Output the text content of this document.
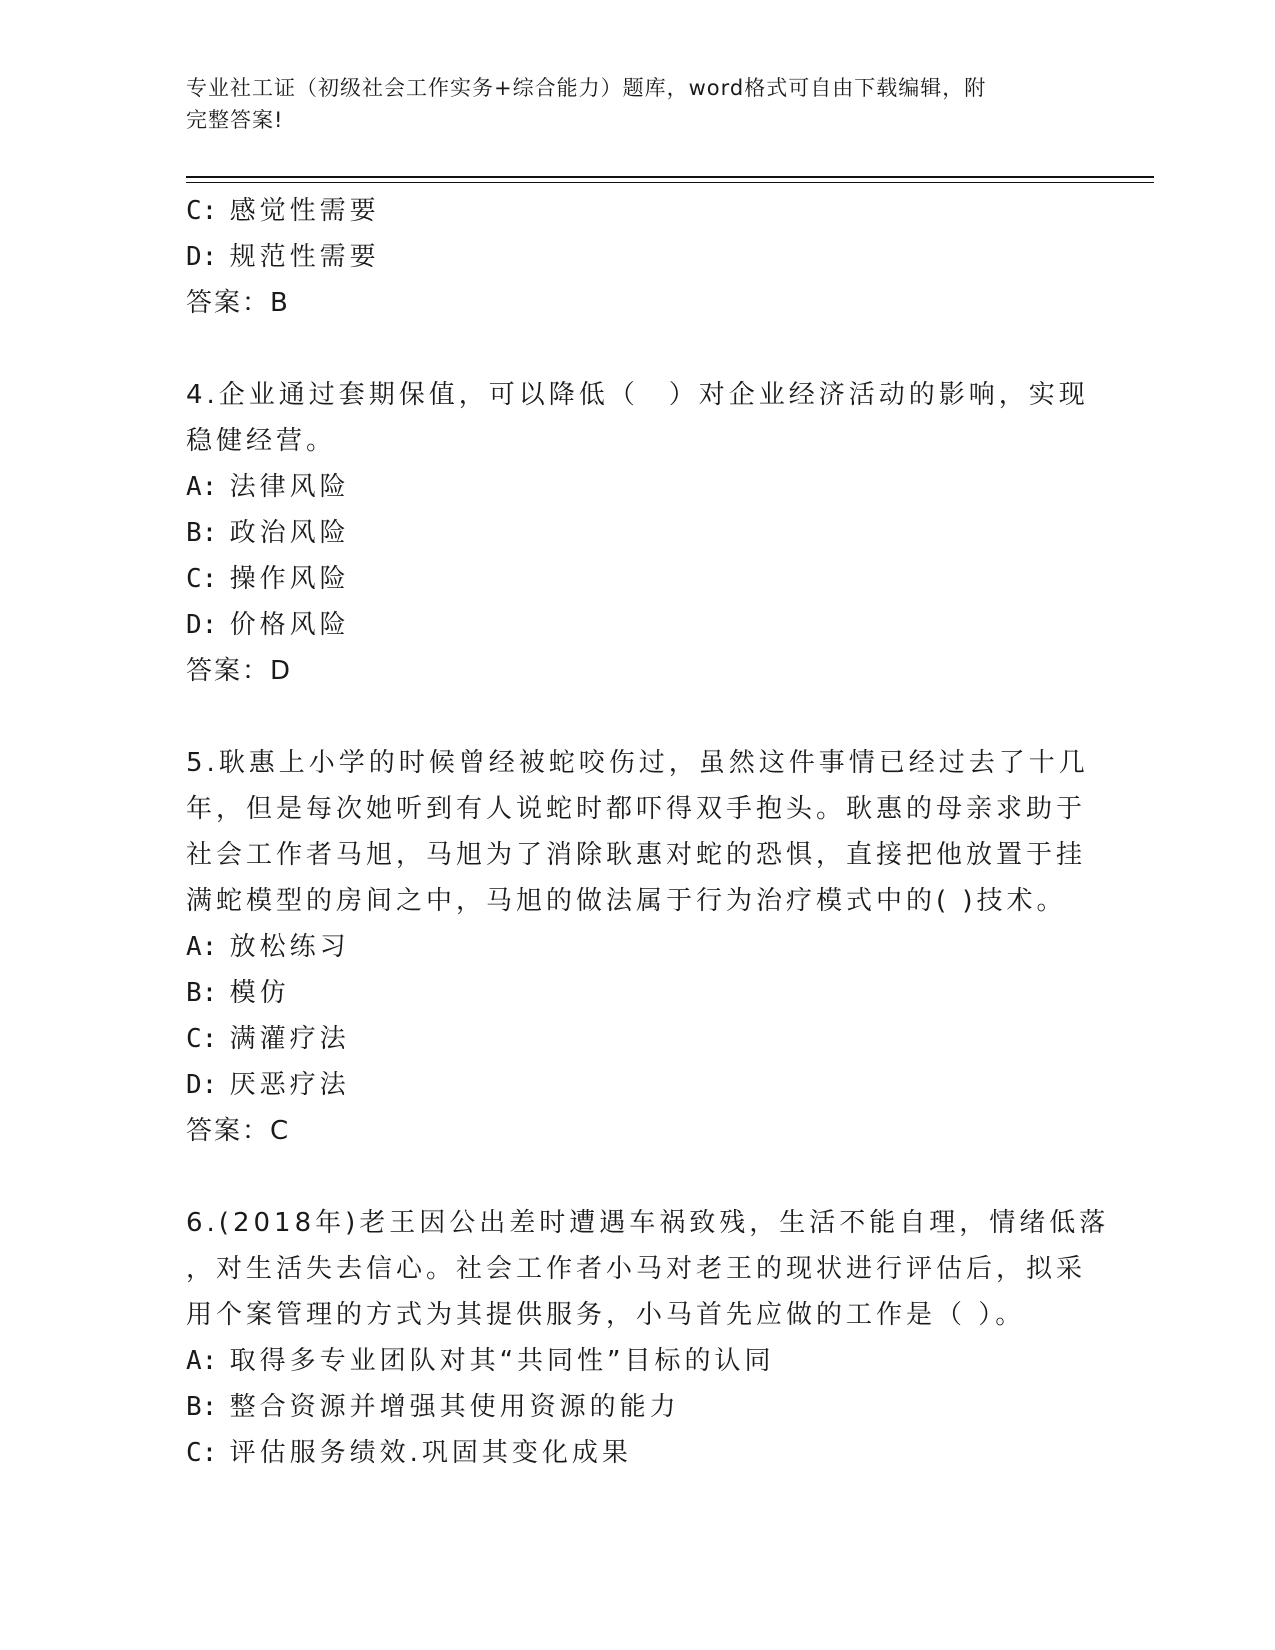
专业社工证（初级社会工作实务+综合能力）题库，word格式可自由下载编辑，附
完整答案!
C: 感觉性需要
D: 规范性需要
答案：B
4.企业通过套期保值，可以降低（　）对企业经济活动的影响，实现
稳健经营。
A: 法律风险
B: 政治风险
C: 操作风险
D: 价格风险
答案：D
5.耿惠上小学的时候曾经被蛇咬伤过，虽然这件事情已经过去了十几
年，但是每次她听到有人说蛇时都吓得双手抱头。耿惠的母亲求助于
社会工作者马旭，马旭为了消除耿惠对蛇的恐惧，直接把他放置于挂
满蛇模型的房间之中，马旭的做法属于行为治疗模式中的( )技术。
A: 放松练习
B: 模仿
C: 满灌疗法
D: 厌恶疗法
答案：C
6.(2018年)老王因公出差时遭遇车祸致残，生活不能自理，情绪低落
，对生活失去信心。社会工作者小马对老王的现状进行评估后，拟采
用个案管理的方式为其提供服务，小马首先应做的工作是（ ）。
A: 取得多专业团队对其“共同性”目标的认同
B: 整合资源并增强其使用资源的能力
C: 评估服务绩效.巩固其变化成果
